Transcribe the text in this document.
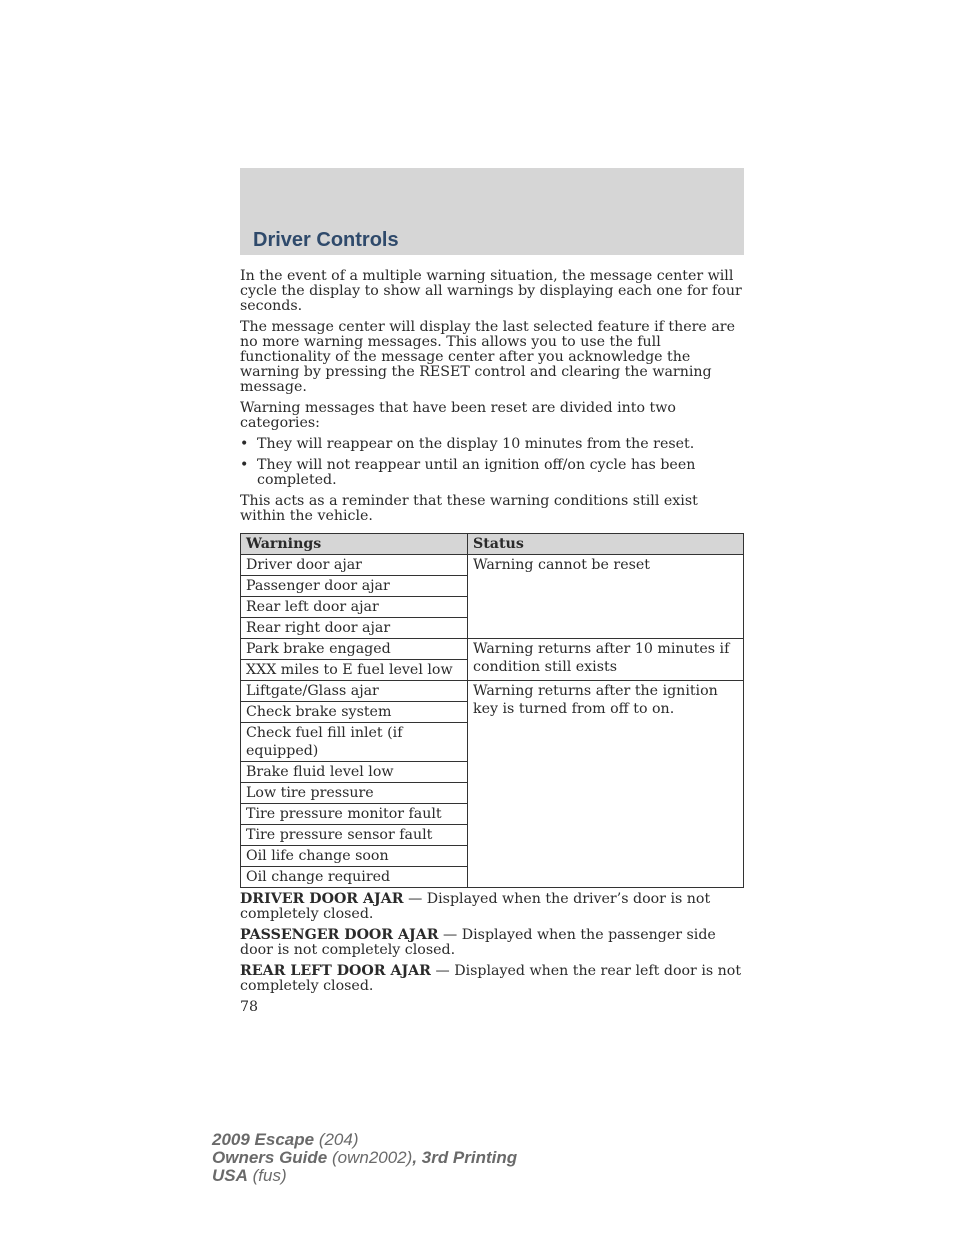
Driver Controls

In the event of a multiple warning situation, the message center will cycle the display to show all warnings by displaying each one for four seconds.

The message center will display the last selected feature if there are no more warning messages. This allows you to use the full functionality of the message center after you acknowledge the warning by pressing the RESET control and clearing the warning message.

Warning messages that have been reset are divided into two categories:

• They will reappear on the display 10 minutes from the reset.
• They will not reappear until an ignition off/on cycle has been completed.

This acts as a reminder that these warning conditions still exist within the vehicle.

Warnings	Status
Driver door ajar	Warning cannot be reset
Passenger door ajar	
Rear left door ajar	
Rear right door ajar	
Park brake engaged	Warning returns after 10 minutes if condition still exists
XXX miles to E fuel level low	
Liftgate/Glass ajar	Warning returns after the ignition key is turned from off to on.
Check brake system	
Check fuel fill inlet (if equipped)	
Brake fluid level low	
Low tire pressure	
Tire pressure monitor fault	
Tire pressure sensor fault	
Oil life change soon	
Oil change required	

DRIVER DOOR AJAR — Displayed when the driver’s door is not completely closed.

PASSENGER DOOR AJAR — Displayed when the passenger side door is not completely closed.

REAR LEFT DOOR AJAR — Displayed when the rear left door is not completely closed.

78
2009 Escape (204)
Owners Guide (own2002), 3rd Printing
USA (fus)
